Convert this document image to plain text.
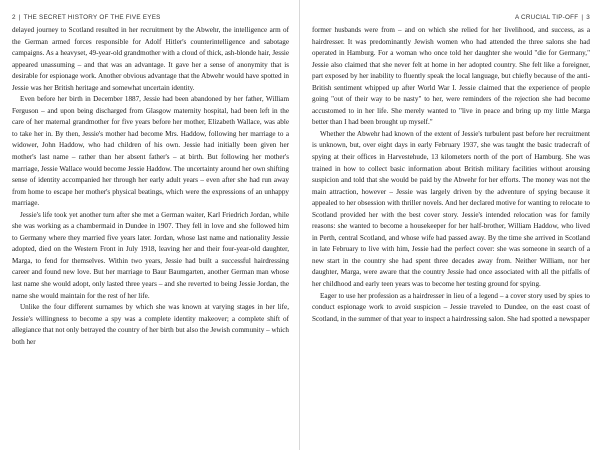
2 | THE SECRET HISTORY OF THE FIVE EYES

delayed journey to Scotland resulted in her recruitment by the Abwehr, the intelligence arm of the German armed forces responsible for Adolf Hitler's counterintelligence and sabotage campaigns. As a heavyset, 49-year-old grandmother with a cloud of thick, ash-blonde hair, Jessie appeared unassuming – and that was an advantage. It gave her a sense of anonymity that is desirable for espionage work. Another obvious advantage that the Abwehr would have spotted in Jessie was her British heritage and somewhat uncertain identity.

Even before her birth in December 1887, Jessie had been abandoned by her father, William Ferguson – and upon being discharged from Glasgow maternity hospital, had been left in the care of her maternal grandmother for five years before her mother, Elizabeth Wallace, was able to take her in. By then, Jessie's mother had become Mrs. Haddow, following her marriage to a widower, John Haddow, who had children of his own. Jessie had initially been given her mother's last name – rather than her absent father's – at birth. But following her mother's marriage, Jessie Wallace would become Jessie Haddow. The uncertainty around her own shifting sense of identity accompanied her through her early adult years – even after she had run away from home to escape her mother's physical beatings, which were the expressions of an unhappy marriage.

Jessie's life took yet another turn after she met a German waiter, Karl Friedrich Jordan, while she was working as a chambermaid in Dundee in 1907. They fell in love and she followed him to Germany where they married five years later. Jordan, whose last name and nationality Jessie adopted, died on the Western Front in July 1918, leaving her and their four-year-old daughter, Marga, to fend for themselves. Within two years, Jessie had built a successful hairdressing career and found new love. But her marriage to Baur Baumgarten, another German man whose last name she would adopt, only lasted three years – and she reverted to being Jessie Jordan, the name she would maintain for the rest of her life.

Unlike the four different surnames by which she was known at varying stages in her life, Jessie's willingness to become a spy was a complete identity makeover; a complete shift of allegiance that not only betrayed the country of her birth but also the Jewish community – which both her

A CRUCIAL TIP-OFF | 3

former husbands were from – and on which she relied for her livelihood, and success, as a hairdresser. It was predominantly Jewish women who had attended the three salons she had operated in Hamburg. For a woman who once told her daughter she would "die for Germany," Jessie also claimed that she never felt at home in her adopted country. She felt like a foreigner, part exposed by her inability to fluently speak the local language, but chiefly because of the anti-British sentiment whipped up after World War I. Jessie claimed that the experience of people going "out of their way to be nasty" to her, were reminders of the rejection she had become accustomed to in her life. She merely wanted to "live in peace and bring up my little Marga better than I had been brought up myself."

Whether the Abwehr had known of the extent of Jessie's turbulent past before her recruitment is unknown, but, over eight days in early February 1937, she was taught the basic tradecraft of spying at their offices in Harvestehude, 13 kilometers north of the port of Hamburg. She was trained in how to collect basic information about British military facilities without arousing suspicion and told that she would be paid by the Abwehr for her efforts. The money was not the main attraction, however – Jessie was largely driven by the adventure of spying because it appealed to her obsession with thriller novels. And her declared motive for wanting to relocate to Scotland provided her with the best cover story. Jessie's intended relocation was for family reasons: she wanted to become a housekeeper for her half-brother, William Haddow, who lived in Perth, central Scotland, and whose wife had passed away. By the time she arrived in Scotland in late February to live with him, Jessie had the perfect cover: she was someone in search of a new start in the country she had spent three decades away from. Neither William, nor her daughter, Marga, were aware that the country Jessie had once associated with all the pitfalls of her childhood and early teen years was to become her testing ground for spying.

Eager to use her profession as a hairdresser in lieu of a legend – a cover story used by spies to conduct espionage work to avoid suspicion – Jessie traveled to Dundee, on the east coast of Scotland, in the summer of that year to inspect a hairdressing salon. She had spotted a newspaper
